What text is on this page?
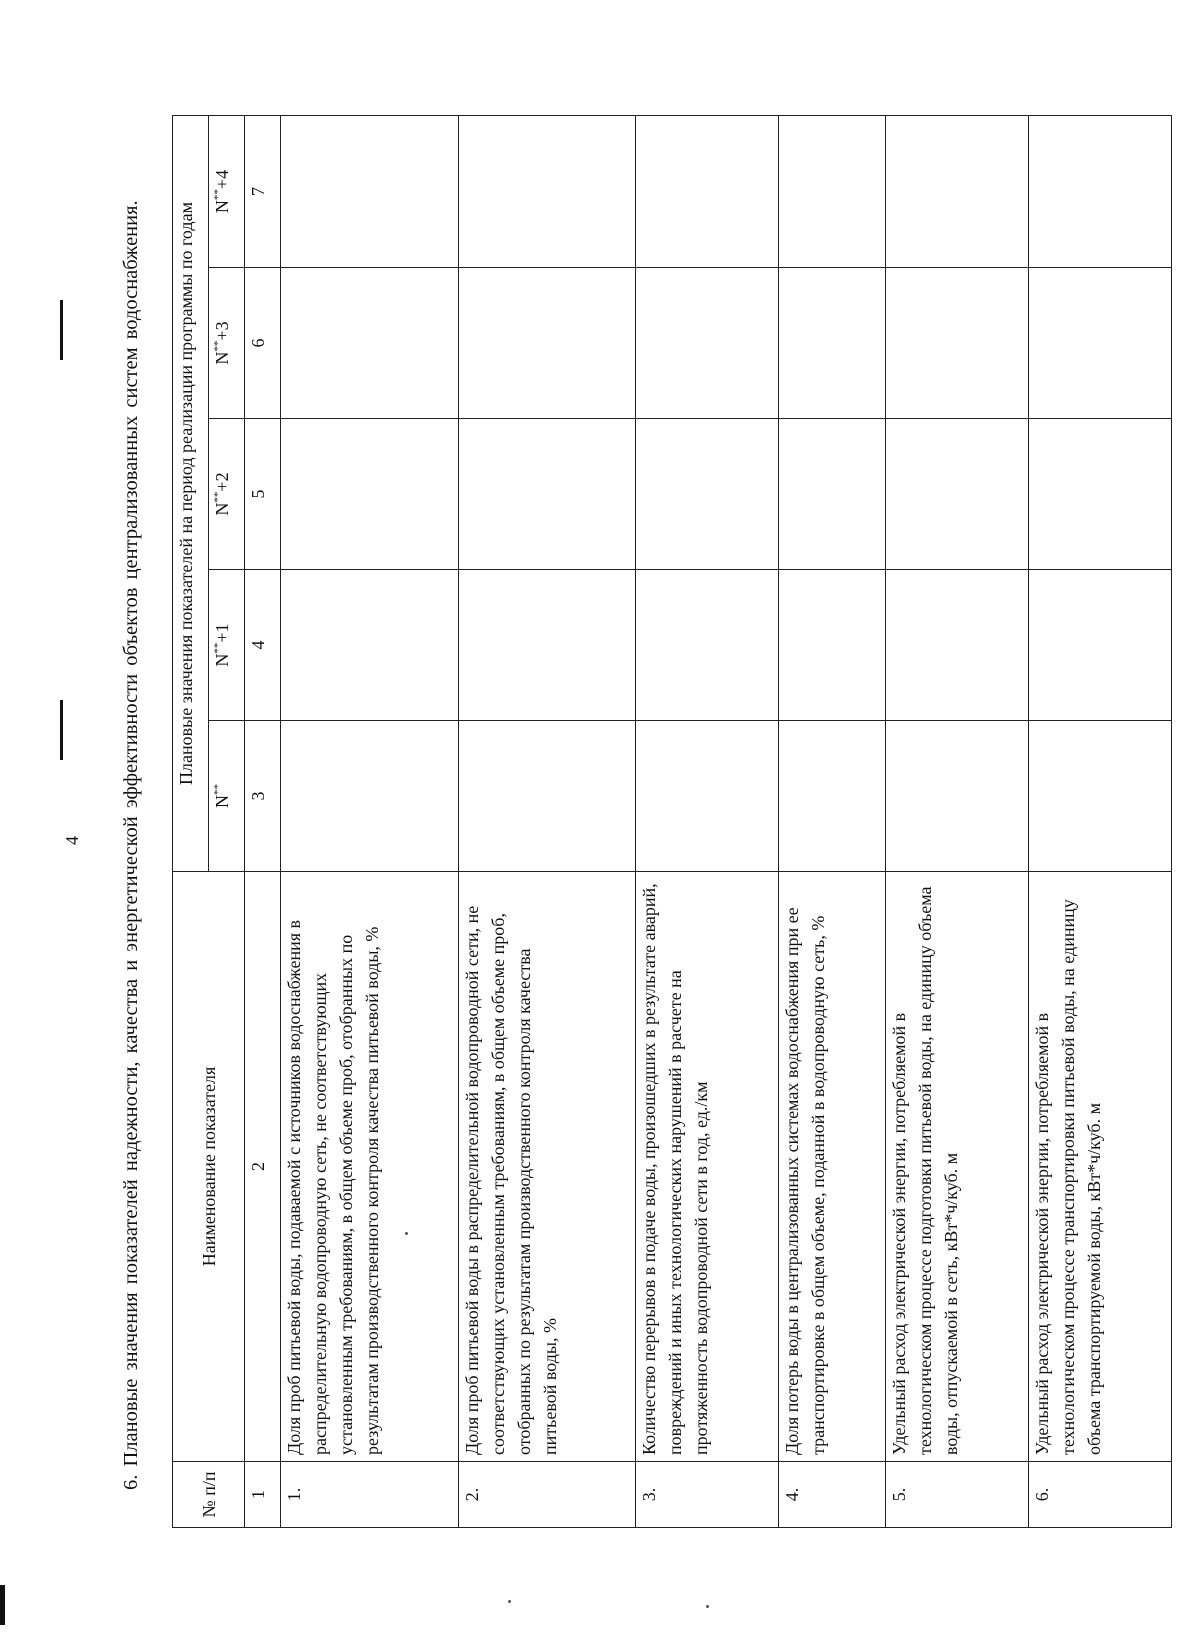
4 6. Плановые значения показателей надежности, качества и энергетической эффективности объектов централизованных систем водоснабжения.
№ п/п	Наименование показателя	Плановые значения показателей на период реализации программы по годам				
		N**	N**+1	N**+2	N**+3	N**+4
1	2	3	4	5	6	7
1.	Доля проб питьевой воды, подаваемой с источников водоснабжения в распределительную водопроводную сеть, не соответствующих установленным требованиям, в общем объеме проб, отобранных по результатам производственного контроля качества питьевой воды, %					
2.	Доля проб питьевой воды в распределительной водопроводной сети, не соответствующих установленным требованиям, в общем объеме проб, отобранных по результатам производственного контроля качества питьевой воды, %					
3.	Количество перерывов в подаче воды, произошедших в результате аварий, повреждений и иных технологических нарушений в расчете на протяженность водопроводной сети в год, ед./км					
4.	Доля потерь воды в централизованных системах водоснабжения при ее транспортировке в общем объеме, поданной в водопроводную сеть, %					
5.	Удельный расход электрической энергии, потребляемой в технологическом процессе подготовки питьевой воды, на единицу объема воды, отпускаемой в сеть, кВт*ч/куб. м					
6.	Удельный расход электрической энергии, потребляемой в технологическом процессе транспортировки питьевой воды, на единицу объема транспортируемой воды, кВт*ч/куб. м					
